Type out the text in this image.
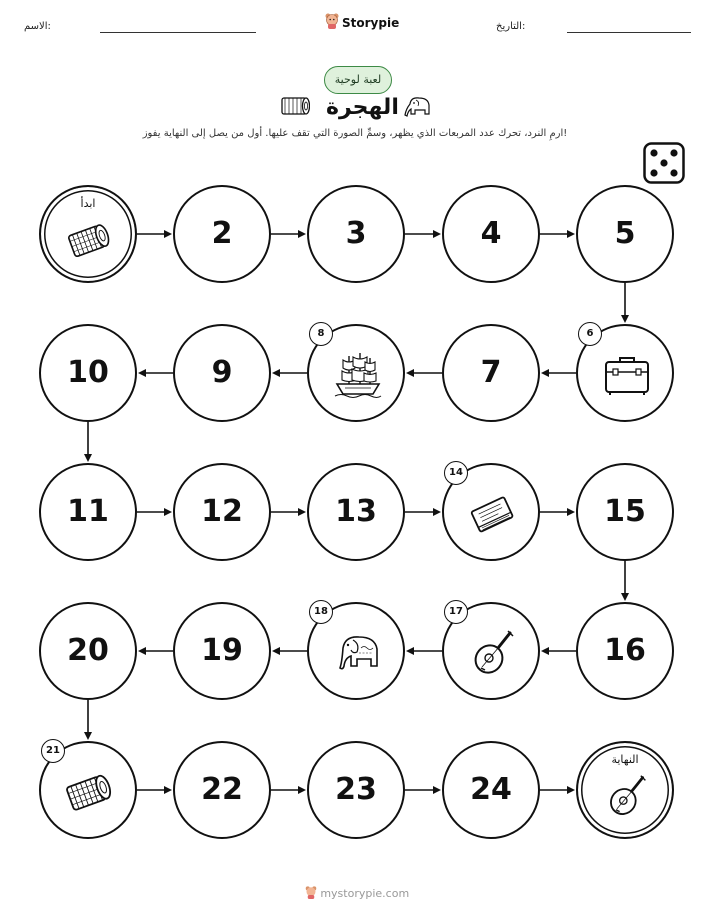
الاسم:	Storypie	التاريخ:
لعبة لوحية
الهجرة
ارمِ النرد، تحرك عدد المربعات الذي يظهر، وسمِّ الصورة التي تقف عليها. أول من يصل إلى النهاية يفوز!
ابدأ
2	3	4	5
6
7
8
9
10
11	12	13
14
15
16
17
18
19
20
21
22	23	24
النهاية
mystorypie.com
